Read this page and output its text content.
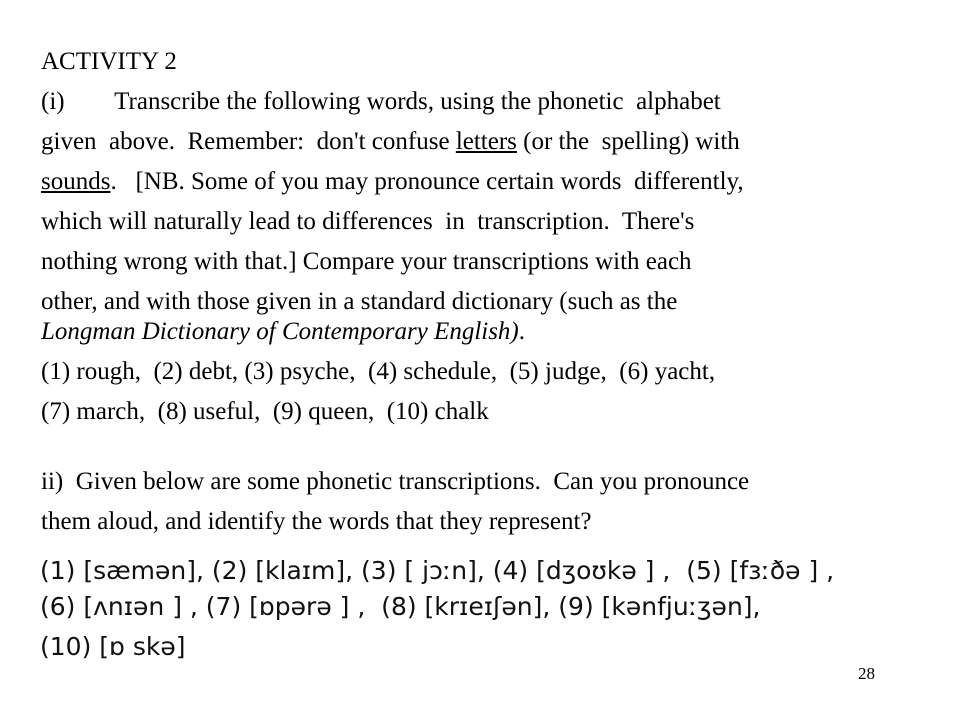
ACTIVITY 2
(i)        Transcribe the following words, using the phonetic  alphabet
given  above.  Remember:  don't confuse letters (or the  spelling) with
sounds.   [NB. Some of you may pronounce certain words  differently,
which will naturally lead to differences  in  transcription.  There's
nothing wrong with that.] Compare your transcriptions with each
other, and with those given in a standard dictionary (such as the
Longman Dictionary of Contemporary English).
(1) rough,  (2) debt, (3) psyche,  (4) schedule,  (5) judge,  (6) yacht,
(7) march,  (8) useful,  (9) queen,  (10) chalk
ii)  Given below are some phonetic transcriptions.  Can you pronounce
them aloud, and identify the words that they represent?
(1) [sæmən], (2) [klaɪm], (3) [ jɔːn], (4) [dʒoʊkə ] ,  (5) [fɜːðə ] ,
(6) [ʌnɪən ] , (7) [ɒpərə ] ,  (8) [krɪeɪʃən], (9) [kənfjuːʒən],
(10) [ɒ skə]
28
